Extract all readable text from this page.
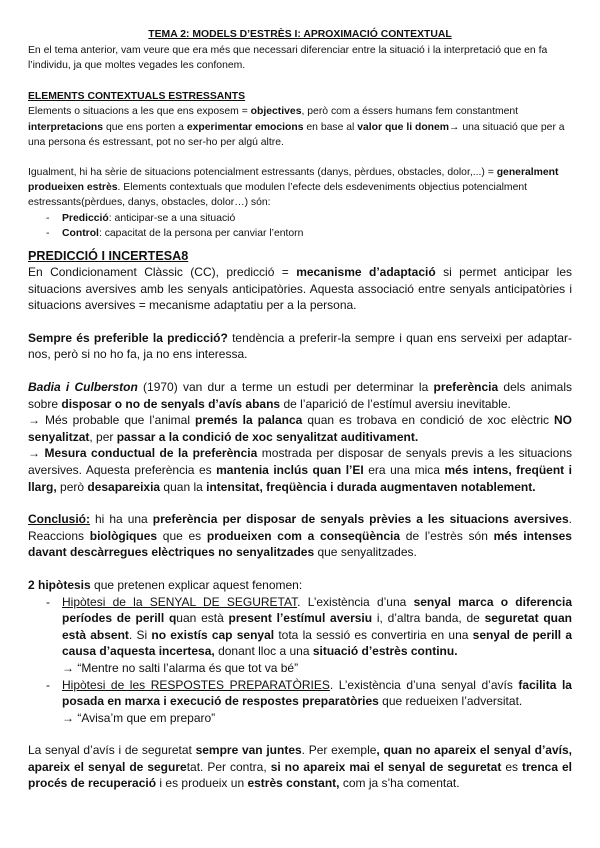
TEMA 2: MODELS D’ESTRÈS I: APROXIMACIÓ CONTEXTUAL

En el tema anterior, vam veure que era més que necessari diferenciar entre la situació i la interpretació que en fa l’individu, ja que moltes vegades les confonem.

ELEMENTS CONTEXTUALS ESTRESSANTS

Elements o situacions a les que ens exposem = objectives, però com a éssers humans fem constantment interpretacions que ens porten a experimentar emocions en base al valor que li donem→ una situació que per a una persona és estressant, pot no ser-ho per algú altre.

Igualment, hi ha sèrie de situacions potencialment estressants (danys, pèrdues, obstacles, dolor,...) = generalment produeixen estrès. Elements contextuals que modulen l’efecte dels esdeveniments objectius potencialment estressants(pèrdues, danys, obstacles, dolor…) són:

- Predicció: anticipar-se a una situació
- Control: capacitat de la persona per canviar l’entorn

PREDICCIÓ I INCERTESA8

En Condicionament Clàssic (CC), predicció = mecanisme d’adaptació si permet anticipar les situacions aversives amb les senyals anticipatòries. Aquesta associació entre senyals anticipatòries i situacions aversives = mecanisme adaptatiu per a la persona.

Sempre és preferible la predicció? tendència a preferir-la sempre i quan ens serveixi per adaptar-nos, però si no ho fa, ja no ens interessa.

Badia i Culberston (1970) van dur a terme un estudi per determinar la preferència dels animals sobre disposar o no de senyals d’avís abans de l’aparició de l’estímul aversiu inevitable.

→ Més probable que l’animal premés la palanca quan es trobava en condició de xoc elèctric NO senyalitzat, per passar a la condició de xoc senyalitzat auditivament.

→ Mesura conductual de la preferència mostrada per disposar de senyals previs a les situacions aversives. Aquesta preferència es mantenia inclús quan l’EI era una mica més intens, freqüent i llarg, però desapareixia quan la intensitat, freqüència i durada augmentaven notablement.

Conclusió: hi ha una preferència per disposar de senyals prèvies a les situacions aversives. Reaccions biològiques que es produeixen com a conseqüència de l’estrès són més intenses davant descàrregues elèctriques no senyalitzades que senyalitzades.

2 hipòtesis que pretenen explicar aquest fenomen:

- Hipòtesi de la SENYAL DE SEGURETAT. L’existència d’una senyal marca o diferencia períodes de perill quan està present l’estímul aversiu i, d’altra banda, de seguretat quan està absent. Si no existís cap senyal tota la sessió es convertiria en una senyal de perill a causa d’aquesta incertesa, donant lloc a una situació d’estrès continu.
→ “Mentre no salti l’alarma és que tot va bé”
- Hipòtesi de les RESPOSTES PREPARATÒRIES. L’existència d’una senyal d’avís facilita la posada en marxa i execució de respostes preparatòries que redueixen l’adversitat.
→ “Avisa’m que em preparo”

La senyal d’avís i de seguretat sempre van juntes. Per exemple, quan no apareix el senyal d’avís, apareix el senyal de seguretat. Per contra, si no apareix mai el senyal de seguretat es trenca el procés de recuperació i es produeix un estrès constant, com ja s’ha comentat.
